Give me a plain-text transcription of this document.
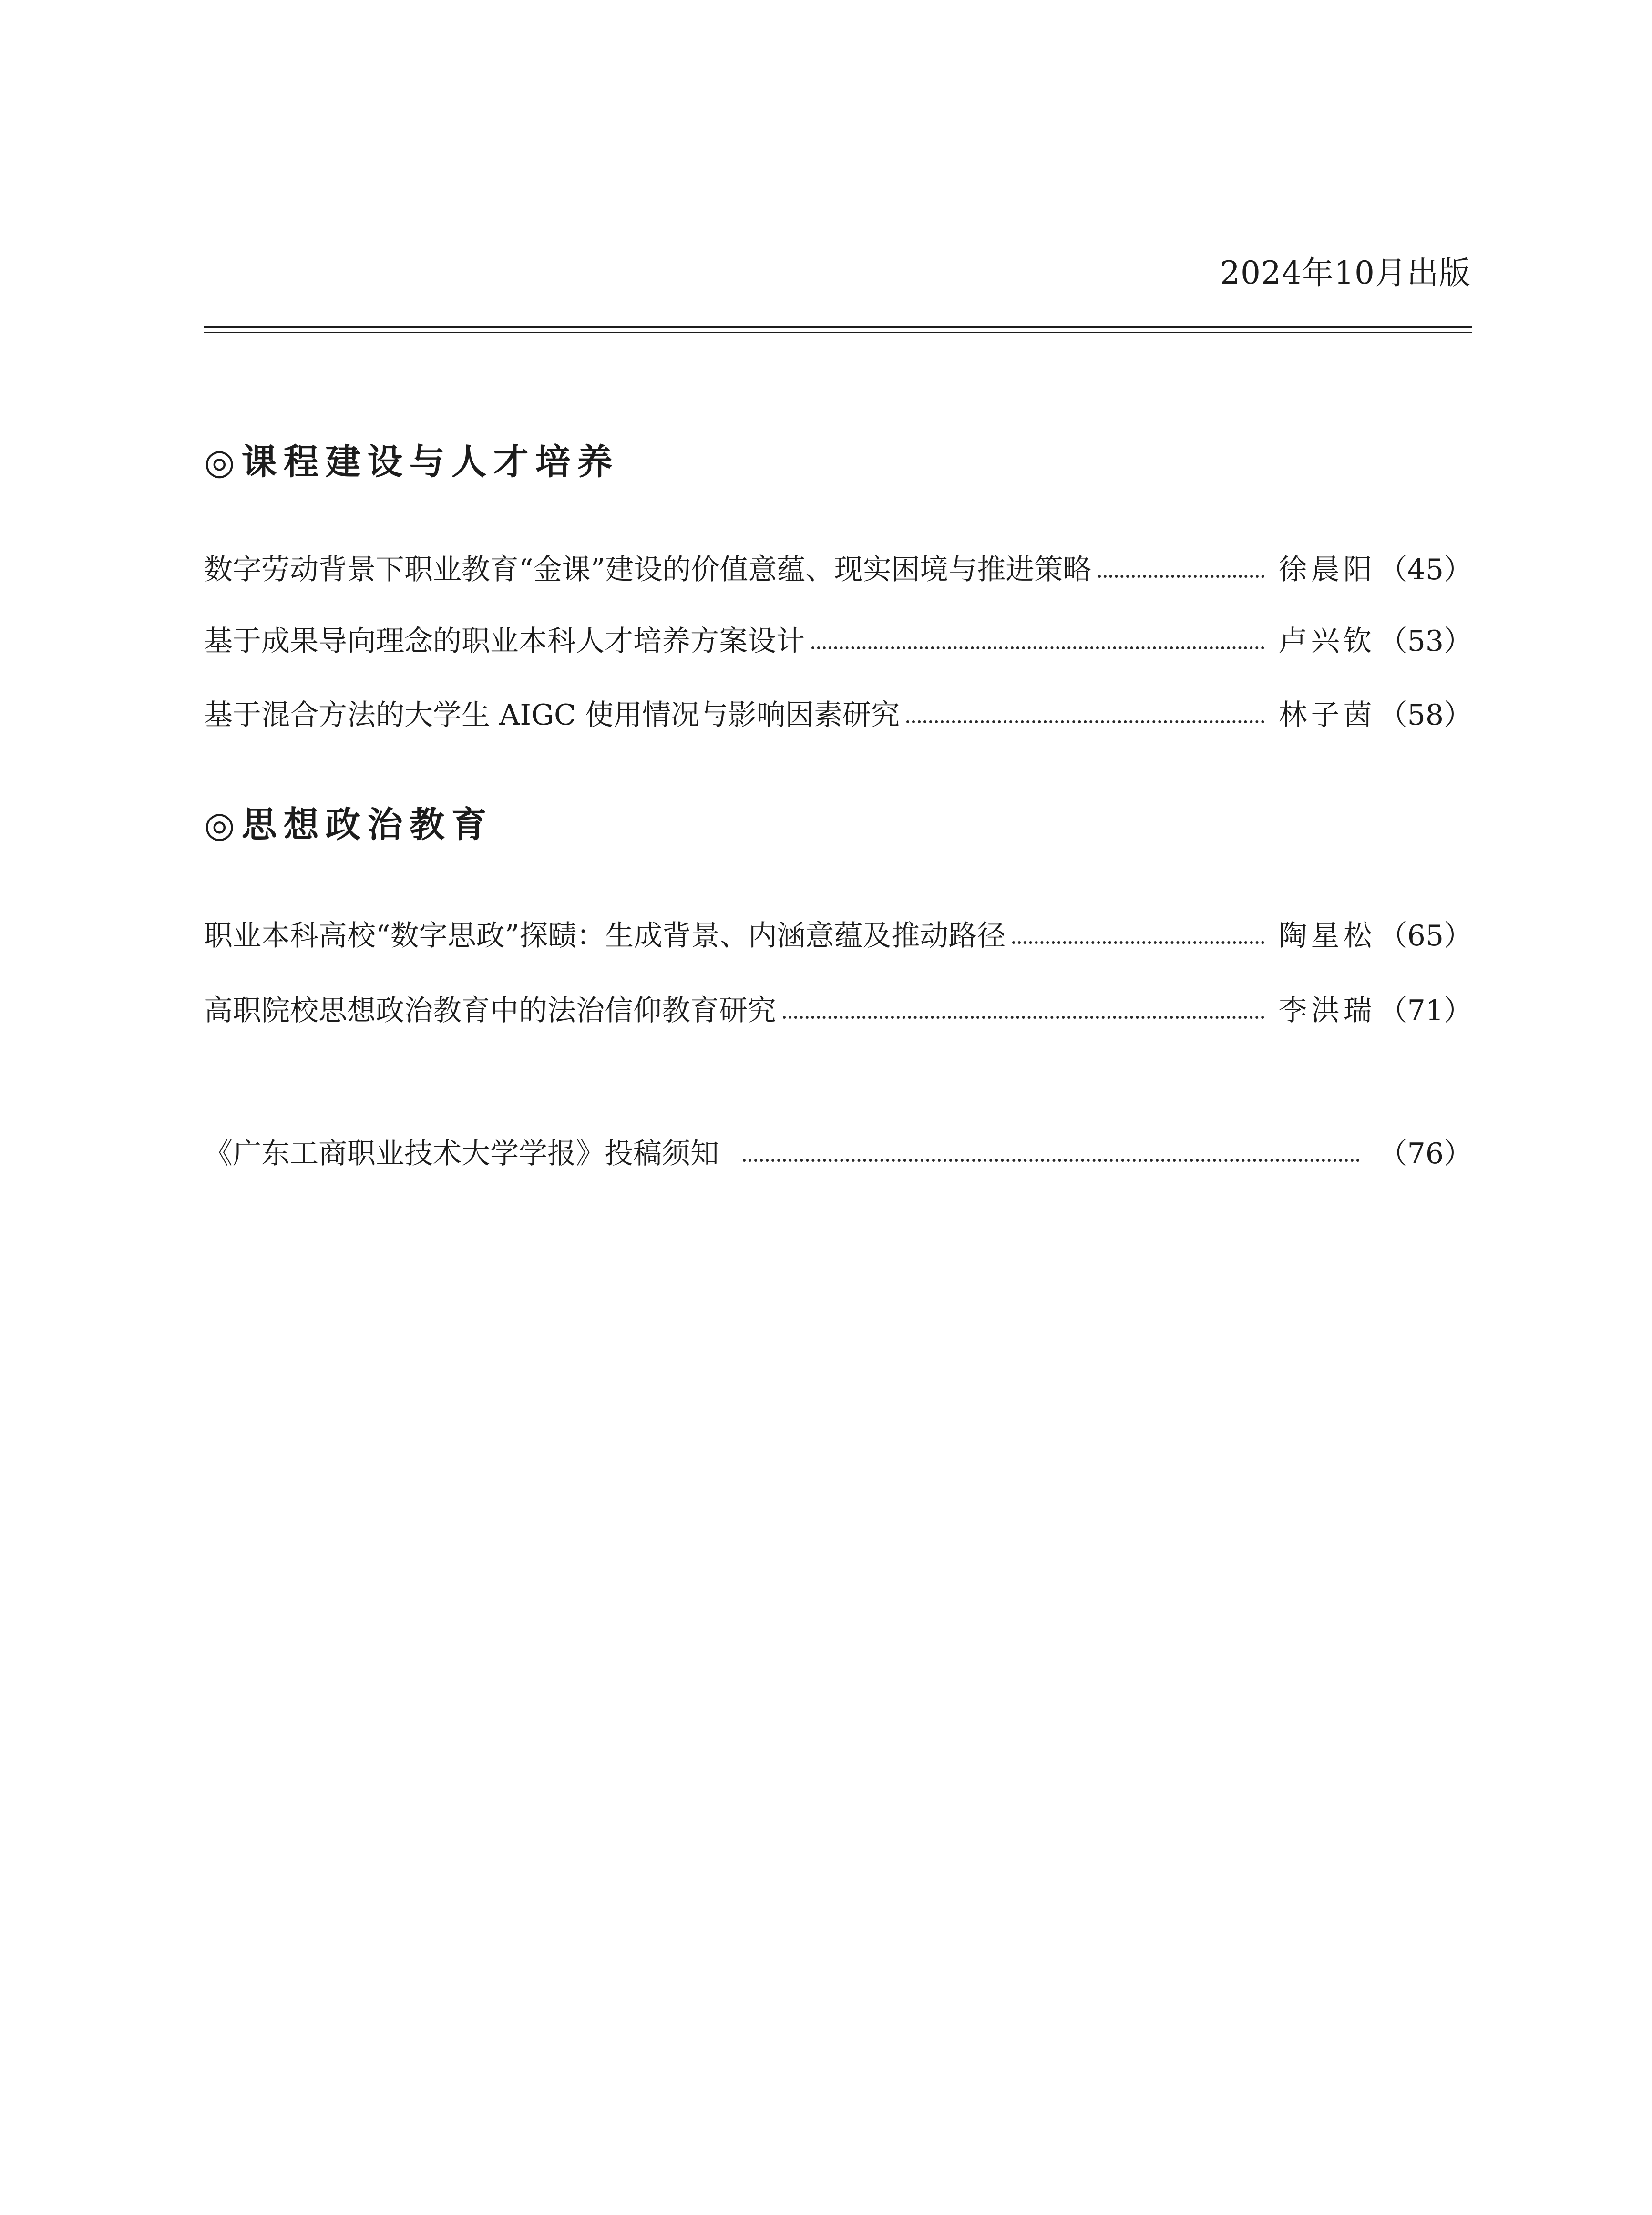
2024年10月出版
◎课程建设与人才培养
数字劳动背景下职业教育“金课”建设的价值意蕴、现实困境与推进策略	徐晨阳 （45）
基于成果导向理念的职业本科人才培养方案设计	卢兴钦 （53）
基于混合方法的大学生 AIGC 使用情况与影响因素研究	林子茵 （58）
◎思想政治教育
职业本科高校“数字思政”探赜：生成背景、内涵意蕴及推动路径	陶星松 （65）
高职院校思想政治教育中的法治信仰教育研究	李洪瑞 （71）
《广东工商职业技术大学学报》投稿须知	（76）
